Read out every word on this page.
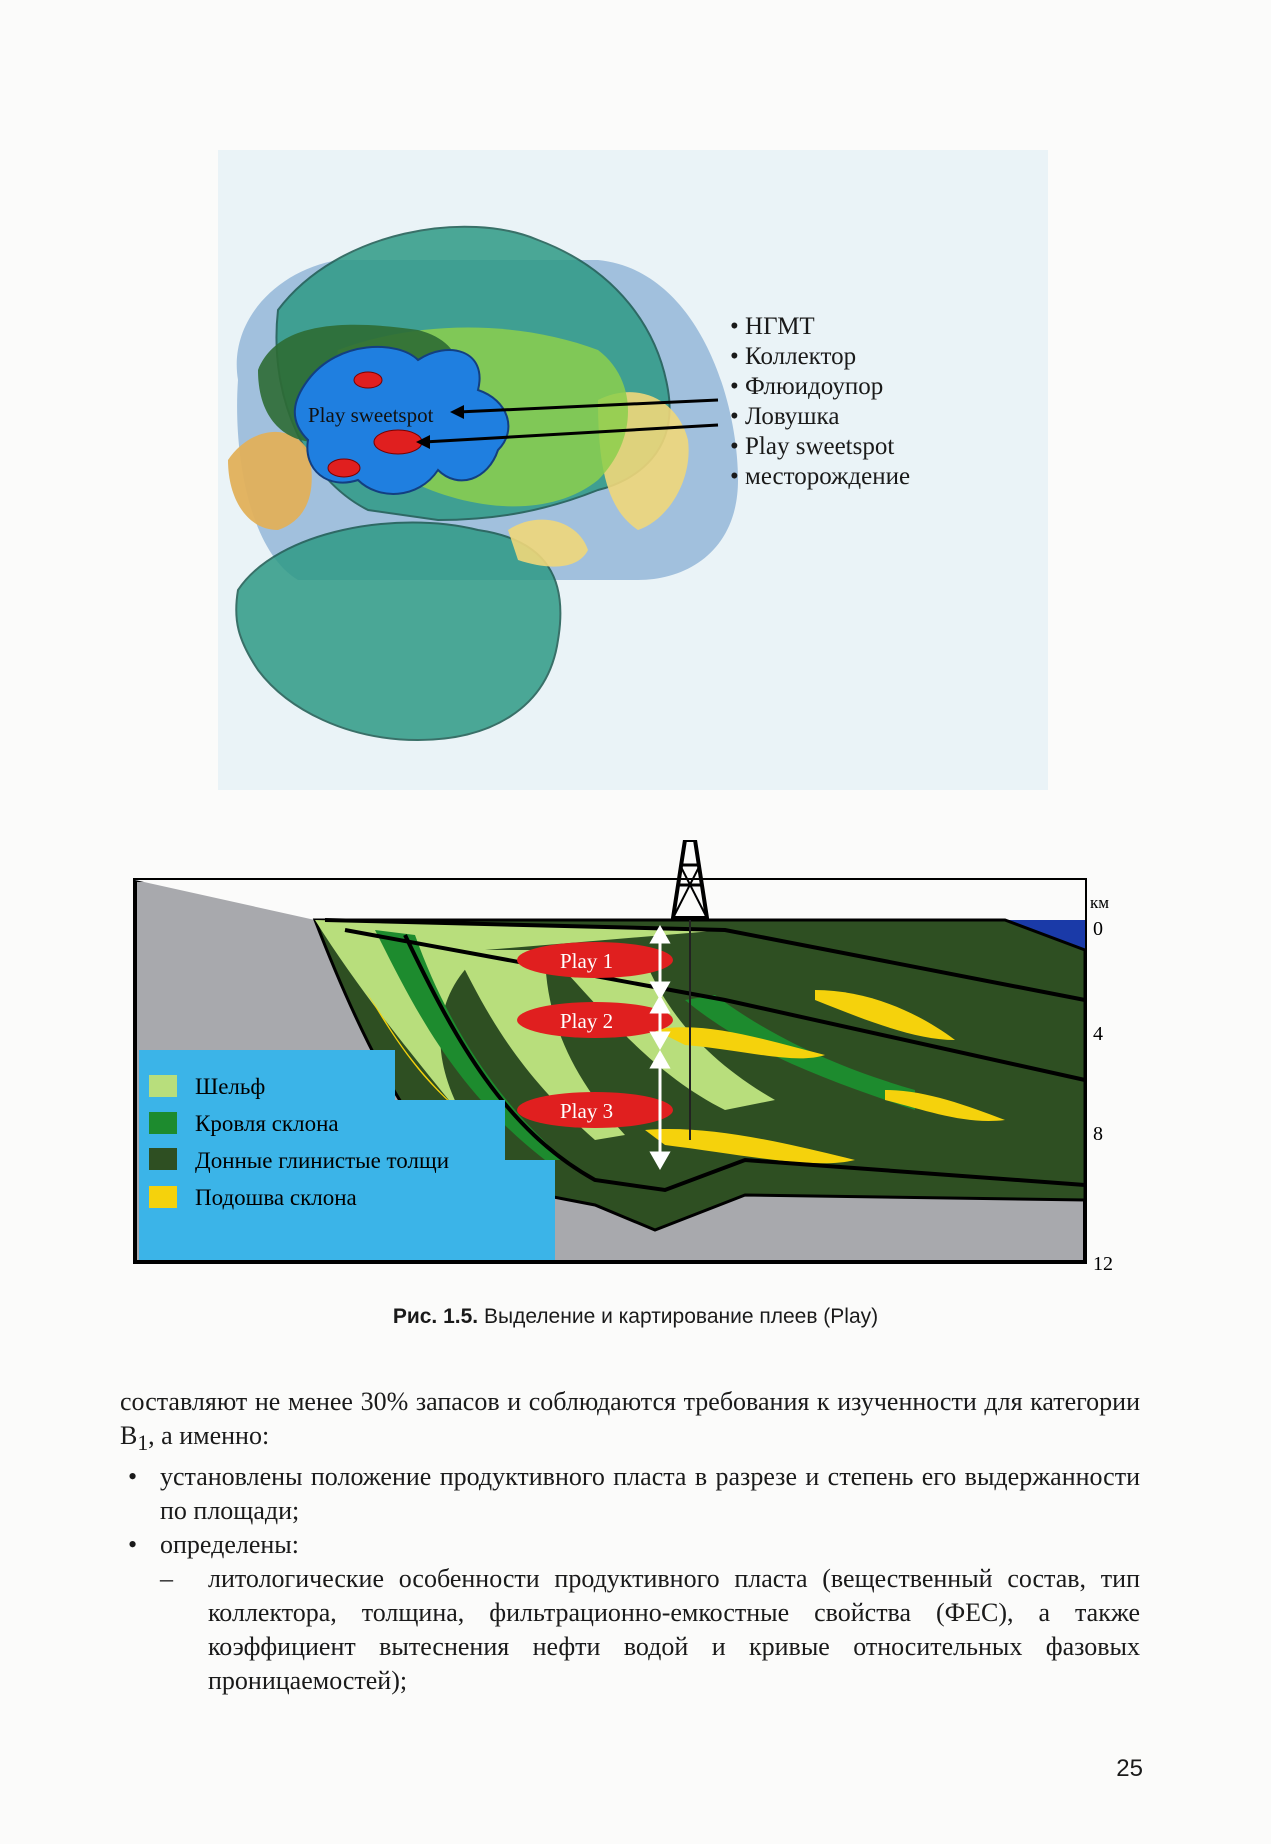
Play sweetspot
• НГМТ
• Коллектор
• Флюидоупор
• Ловушка
• Play sweetspot
• месторождение
Play 1
Play 2
Play 3
км
0
4
8
12
Шельф
Кровля склона
Донные глинистые толщи
Подошва склона
Рис. 1.5. Выделение и картирование плеев (Play)
составляют не менее 30% запасов и соблюдаются требования к изученности для категории $B_1$, а именно:
• установлены положение продуктивного пласта в разрезе и степень его выдержанности по площади;
• определены:
– литологические особенности продуктивного пласта (вещественный состав, тип коллектора, толщина, фильтрационно-емкостные свойства (ФЕС), а также коэффициент вытеснения нефти водой и кривые относительных фазовых проницаемостей);
25
